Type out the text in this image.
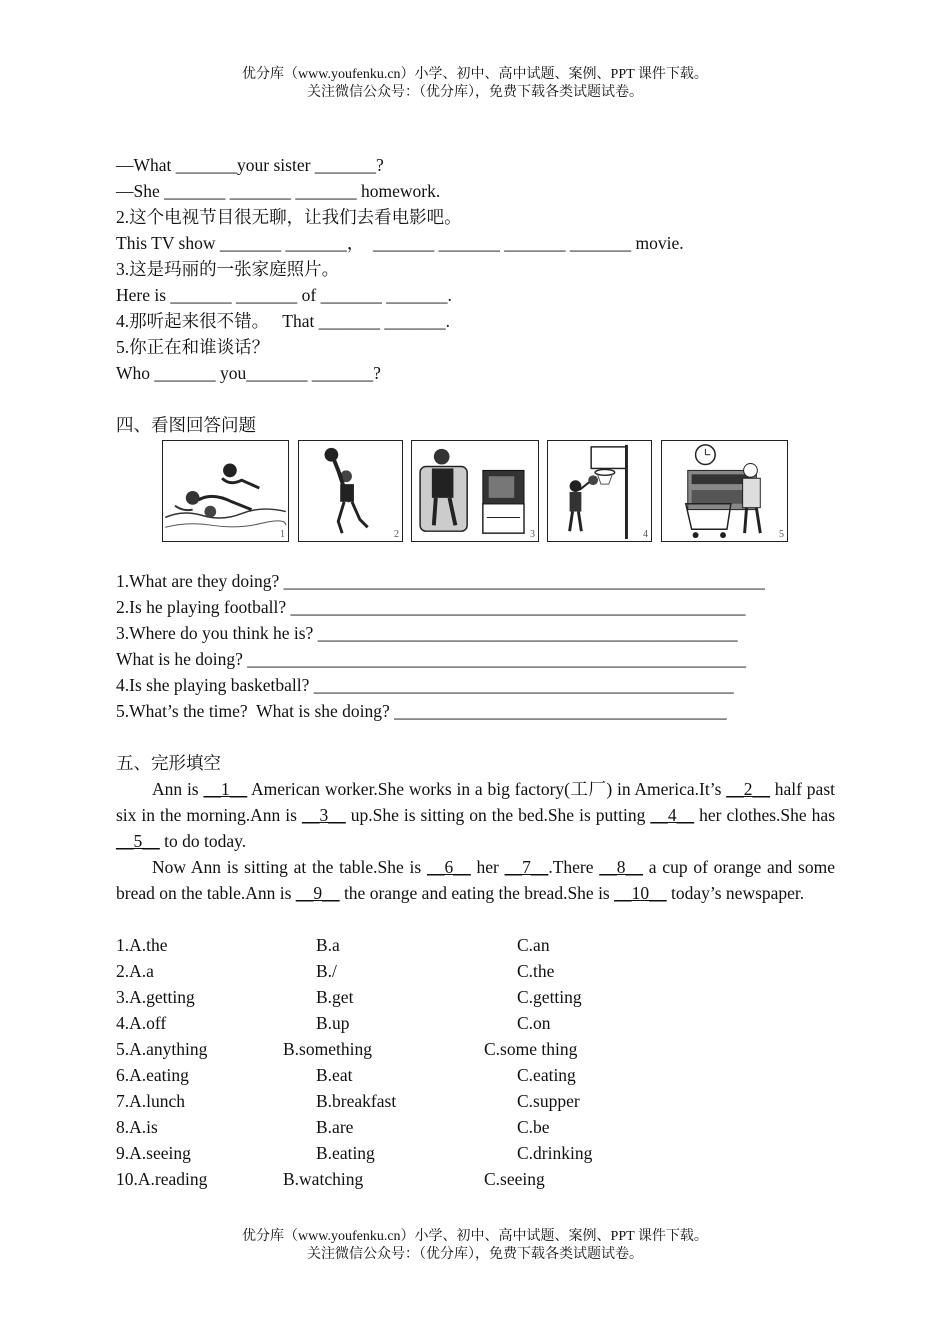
优分库（www.youfenku.cn）小学、初中、高中试题、案例、PPT 课件下载。
关注微信公众号：（优分库），免费下载各类试题试卷。
—What _______your sister _______?
—She _______ _______ _______ homework.
2.这个电视节目很无聊，让我们去看电影吧。
This TV show _______ _______，  _______ _______ _______ _______ movie.
3.这是玛丽的一张家庭照片。
Here is _______ _______ of _______ _______.
4.那听起来很不错。   That _______ _______.
5.你正在和谁谈话？
Who _______ you_______ _______?
四、看图回答问题
1	2	3	4	5
1.What are they doing? _______________________________________________________
2.Is he playing football? ____________________________________________________
3.Where do you think he is? ________________________________________________
What is he doing? _________________________________________________________
4.Is she playing basketball? ________________________________________________
5.What’s the time?  What is she doing? ______________________________________
五、完形填空
Ann is __1__ American worker.She works in a big factory(工厂) in America.It’s __2__ half past six in the morning.Ann is __3__ up.She is sitting on the bed.She is putting __4__ her clothes.She has __5__ to do today.
Now Ann is sitting at the table.She is __6__ her __7__.There __8__ a cup of orange and some bread on the table.Ann is __9__ the orange and eating the bread.She is __10__ today’s newspaper.
1.A.the	B.a	C.an
2.A.a	B./	C.the
3.A.getting	B.get	C.getting
4.A.off	B.up	C.on
5.A.anything	B.something	C.some thing
6.A.eating	B.eat	C.eating
7.A.lunch	B.breakfast	C.supper
8.A.is	B.are	C.be
9.A.seeing	B.eating	C.drinking
10.A.reading	B.watching	C.seeing
优分库（www.youfenku.cn）小学、初中、高中试题、案例、PPT 课件下载。
关注微信公众号：（优分库），免费下载各类试题试卷。
